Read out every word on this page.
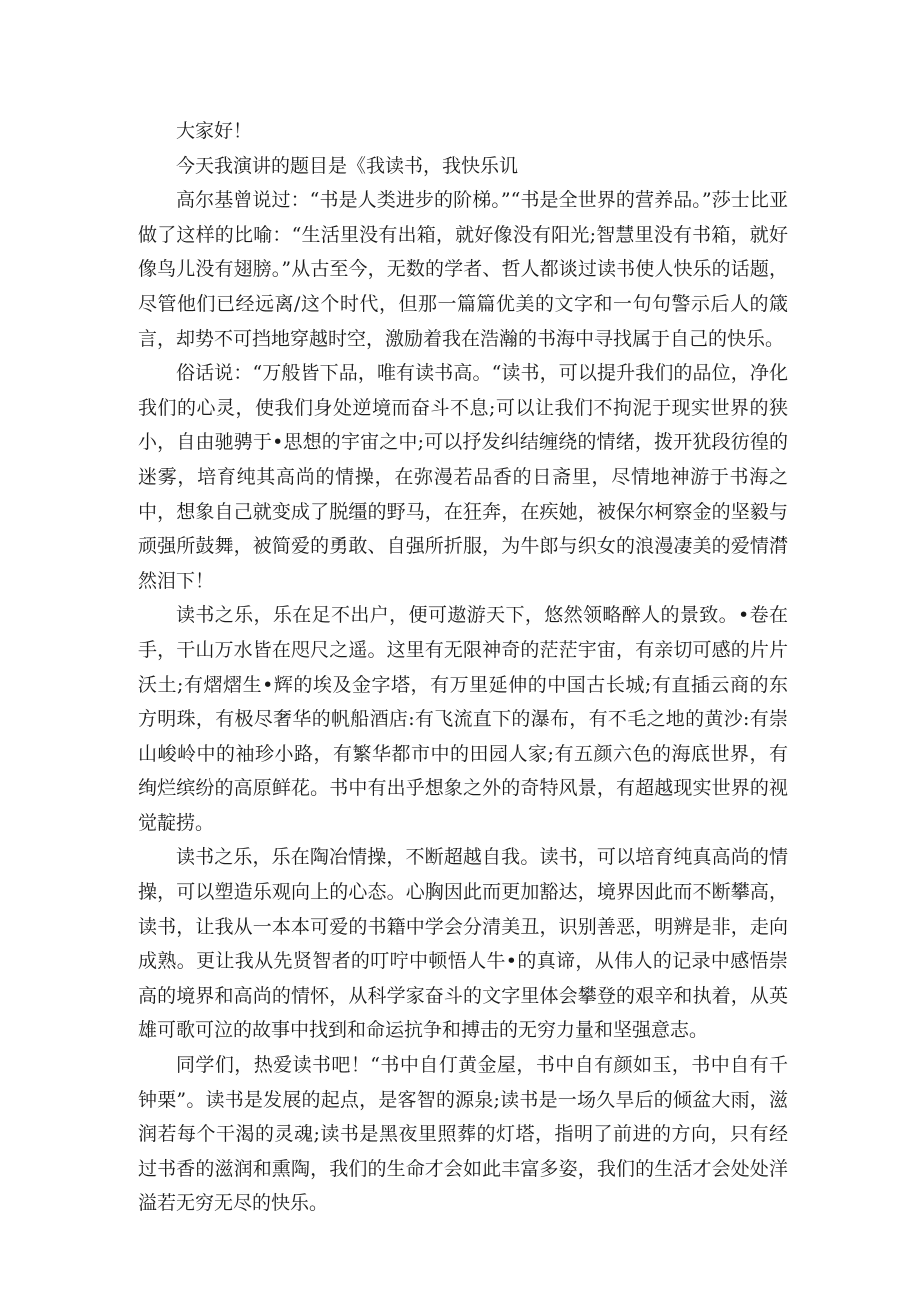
大家好！

今天我演讲的题目是《我读书，我快乐讥

高尔基曾说过：“书是人类进步的阶梯。”“书是全世界的营养品。”莎士比亚做了这样的比喻：“生活里没有出箱，就好像没有阳光;智慧里没有书箱，就好像鸟儿没有翅膀。”从古至今，无数的学者、哲人都谈过读书使人快乐的话题，尽管他们已经远离/这个时代，但那一篇篇优美的文字和一句句警示后人的箴言，却势不可挡地穿越时空，激励着我在浩瀚的书海中寻找属于自己的快乐。

俗话说：“万般皆下品，唯有读书高。“读书，可以提升我们的品位，净化我们的心灵，使我们身处逆境而奋斗不息;可以让我们不拘泥于现实世界的狭小，自由驰骋于•思想的宇宙之中;可以抒发纠结缠绕的情绪，拨开犹段彷徨的迷雾，培育纯其高尚的情操，在弥漫若品香的日斋里，尽情地神游于书海之中，想象自己就变成了脱缰的野马，在狂奔，在疾她，被保尔柯察金的坚毅与顽强所鼓舞，被简爱的勇敢、自强所折服，为牛郎与织女的浪漫凄美的爱情潸然泪下！

读书之乐，乐在足不出户，便可遨游天下，悠然领略醉人的景致。•卷在手，干山万水皆在咫尺之遥。这里有无限神奇的茫茫宇宙，有亲切可感的片片沃土;有熠熠生•辉的埃及金字塔，有万里延伸的中国古长城;有直插云商的东方明珠，有极尽奢华的帆船酒店:有飞流直下的瀑布，有不毛之地的黄沙:有崇山峻岭中的袖珍小路，有繁华都市中的田园人家;有五颜六色的海底世界，有绚烂缤纷的高原鲜花。书中有出乎想象之外的奇特风景，有超越现实世界的视觉靛捞。

读书之乐，乐在陶冶情操，不断超越自我。读书，可以培育纯真高尚的情操，可以塑造乐观向上的心态。心胸因此而更加豁达，境界因此而不断攀高，读书，让我从一本本可爱的书籍中学会分清美丑，识别善恶，明辨是非，走向成熟。更让我从先贤智者的叮咛中顿悟人牛•的真谛，从伟人的记录中感悟崇高的境界和高尚的情怀，从科学家奋斗的文字里体会攀登的艰辛和执着，从英雄可歌可泣的故事中找到和命运抗争和搏击的无穷力量和坚强意志。

同学们，热爱读书吧！“书中自仃黄金屋，书中自有颜如玉，书中自有千钟栗”。读书是发展的起点，是客智的源泉;读书是一场久旱后的倾盆大雨，滋润若每个干渴的灵魂;读书是黑夜里照葬的灯塔，指明了前进的方向，只有经过书香的滋润和熏陶，我们的生命才会如此丰富多姿，我们的生活才会处处洋溢若无穷无尽的快乐。
